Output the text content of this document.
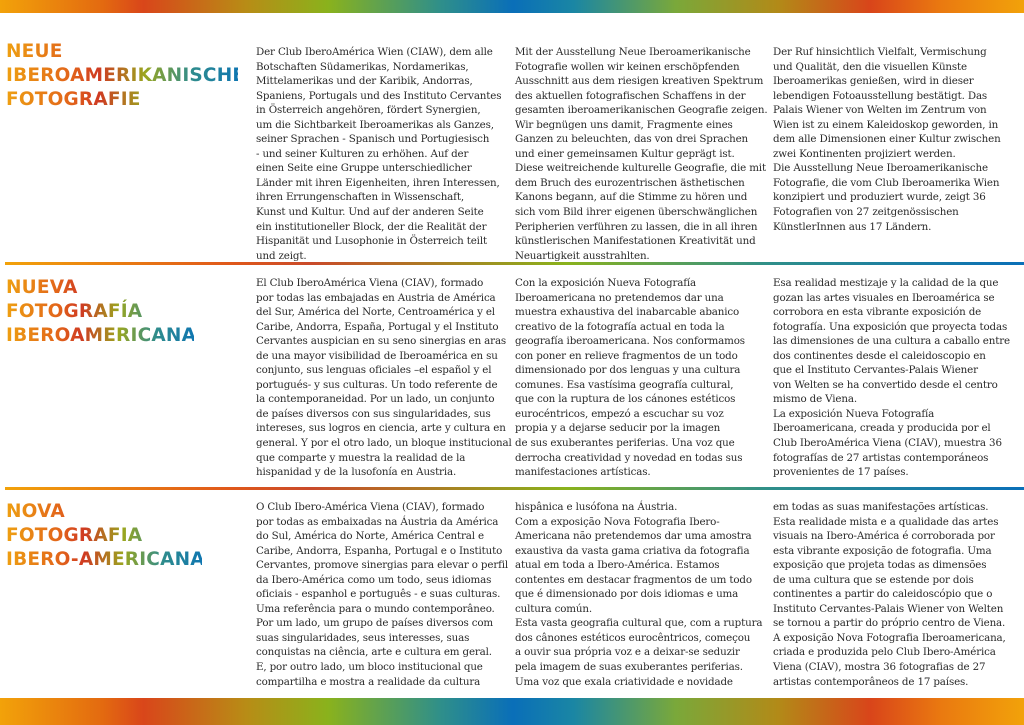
NEUE
IBEROAMERIKANISCHE
FOTOGRAFIE
Der Club IberoAmérica Wien (CIAW), dem alle
Botschaften Südamerikas, Nordamerikas,
Mittelamerikas und der Karibik, Andorras,
Spaniens, Portugals und des Instituto Cervantes
in Österreich angehören, fördert Synergien,
um die Sichtbarkeit Iberoamerikas als Ganzes,
seiner Sprachen - Spanisch und Portugiesisch
- und seiner Kulturen zu erhöhen. Auf der
einen Seite eine Gruppe unterschiedlicher
Länder mit ihren Eigenheiten, ihren Interessen,
ihren Errungenschaften in Wissenschaft,
Kunst und Kultur. Und auf der anderen Seite
ein institutioneller Block, der die Realität der
Hispanität und Lusophonie in Österreich teilt
und zeigt.
Mit der Ausstellung Neue Iberoamerikanische
Fotografie wollen wir keinen erschöpfenden
Ausschnitt aus dem riesigen kreativen Spektrum
des aktuellen fotografischen Schaffens in der
gesamten iberoamerikanischen Geografie zeigen.
Wir begnügen uns damit, Fragmente eines
Ganzen zu beleuchten, das von drei Sprachen
und einer gemeinsamen Kultur geprägt ist.
Diese weitreichende kulturelle Geografie, die mit
dem Bruch des eurozentrischen ästhetischen
Kanons begann, auf die Stimme zu hören und
sich vom Bild ihrer eigenen überschwänglichen
Peripherien verführen zu lassen, die in all ihren
künstlerischen Manifestationen Kreativität und
Neuartigkeit ausstrahlten.
Der Ruf hinsichtlich Vielfalt, Vermischung
und Qualität, den die visuellen Künste
Iberoamerikas genießen, wird in dieser
lebendigen Fotoausstellung bestätigt. Das
Palais Wiener von Welten im Zentrum von
Wien ist zu einem Kaleidoskop geworden, in
dem alle Dimensionen einer Kultur zwischen
zwei Kontinenten projiziert werden.
Die Ausstellung Neue Iberoamerikanische
Fotografie, die vom Club Iberoamerika Wien
konzipiert und produziert wurde, zeigt 36
Fotografien von 27 zeitgenössischen
KünstlerInnen aus 17 Ländern.
NUEVA
FOTOGRAFÍA
IBEROAMERICANA
El Club IberoAmérica Viena (CIAV), formado
por todas las embajadas en Austria de América
del Sur, América del Norte, Centroamérica y el
Caribe, Andorra, España, Portugal y el Instituto
Cervantes auspician en su seno sinergias en aras
de una mayor visibilidad de Iberoamérica en su
conjunto, sus lenguas oficiales –el español y el
portugués- y sus culturas. Un todo referente de
la contemporaneidad. Por un lado, un conjunto
de países diversos con sus singularidades, sus
intereses, sus logros en ciencia, arte y cultura en
general. Y por el otro lado, un bloque institucional
que comparte y muestra la realidad de la
hispanidad y de la lusofonía en Austria.
Con la exposición Nueva Fotografía
Iberoamericana no pretendemos dar una
muestra exhaustiva del inabarcable abanico
creativo de la fotografía actual en toda la
geografía iberoamericana. Nos conformamos
con poner en relieve fragmentos de un todo
dimensionado por dos lenguas y una cultura
comunes. Esa vastísima geografía cultural,
que con la ruptura de los cánones estéticos
eurocéntricos, empezó a escuchar su voz
propia y a dejarse seducir por la imagen
de sus exuberantes periferias. Una voz que
derrocha creatividad y novedad en todas sus
manifestaciones artísticas.
Esa realidad mestizaje y la calidad de la que
gozan las artes visuales en Iberoamérica se
corrobora en esta vibrante exposición de
fotografía. Una exposición que proyecta todas
las dimensiones de una cultura a caballo entre
dos continentes desde el caleidoscopio en
que el Instituto Cervantes-Palais Wiener
von Welten se ha convertido desde el centro
mismo de Viena.
La exposición Nueva Fotografía
Iberoamericana, creada y producida por el
Club IberoAmérica Viena (CIAV), muestra 36
fotografías de 27 artistas contemporáneos
provenientes de 17 países.
NOVA
FOTOGRAFIA
IBERO-AMERICANA
O Club Ibero-América Viena (CIAV), formado
por todas as embaixadas na Áustria da América
do Sul, América do Norte, América Central e
Caribe, Andorra, Espanha, Portugal e o Instituto
Cervantes, promove sinergias para elevar o perfil
da Ibero-América como um todo, seus idiomas
oficiais - espanhol e português - e suas culturas.
Uma referência para o mundo contemporâneo.
Por um lado, um grupo de países diversos com
suas singularidades, seus interesses, suas
conquistas na ciência, arte e cultura em geral.
E, por outro lado, um bloco institucional que
compartilha e mostra a realidade da cultura
hispânica e lusófona na Áustria.
Com a exposição Nova Fotografia Ibero-
Americana não pretendemos dar uma amostra
exaustiva da vasta gama criativa da fotografia
atual em toda a Ibero-América. Estamos
contentes em destacar fragmentos de um todo
que é dimensionado por dois idiomas e uma
cultura común.
Esta vasta geografia cultural que, com a ruptura
dos cânones estéticos eurocêntricos, começou
a ouvir sua própria voz e a deixar-se seduzir
pela imagem de suas exuberantes periferias.
Uma voz que exala criatividade e novidade
em todas as suas manifestações artísticas.
Esta realidade mista e a qualidade das artes
visuais na Ibero-América é corroborada por
esta vibrante exposição de fotografia. Uma
exposição que projeta todas as dimensões
de uma cultura que se estende por dois
continentes a partir do caleidoscópio que o
Instituto Cervantes-Palais Wiener von Welten
se tornou a partir do próprio centro de Viena.
A exposição Nova Fotografia Iberoamericana,
criada e produzida pelo Club Ibero-América
Viena (CIAV), mostra 36 fotografias de 27
artistas contemporâneos de 17 países.
